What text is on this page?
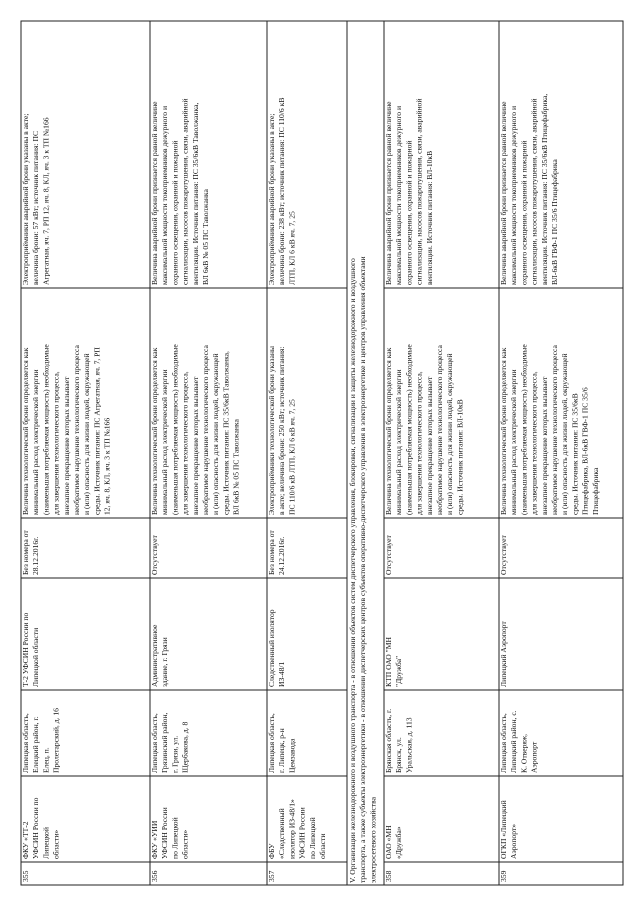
355
ФКУ «ТТ-2УФСИН России поЛипецкойобласти»
Липецкая область,Елецкий район, г.Елец, п.Пролетарский, д. 16
Т-2 УФСИН России поЛипецкой области
Без номера от28.12.2016г.
Величина технологической брони определяется какминимальный расход электрической энергии(наименьшая потребляемая мощность) необходимыедля завершения технологического процесса,внезапное прекращение которых вызываетнеобратимое нарушение технологического процессаи (или) опасность для жизни людей, окружающейсреды. Источник питания: ПС Агрегатная, яч. 7, РП12, яч. 8, КЛ, яч. 3 к ТП №166
Электроприёмники аварийной брони указаны в акте;величина брони: 57 кВт; источник питания: ПСАгрегатная, яч. 7, РП 12, яч. 8, КЛ, яч. 3 к ТП №166
356
ФКУ «УИИУФСИН Россиипо Липецкойобласти»
Липецкая область,Грязинский район,г. Грязи, ул.Щербакова, д. 8
Административноездание, г. Грязи
Отсутствует
Величина технологической брони определяется какминимальный расход электрической энергии(наименьшая потребляемая мощность) необходимыедля завершения технологического процесса,внезапное прекращение которых вызываетнеобратимое нарушение технологического процессаи (или) опасность для жизни людей, окружающейсреды. Источник питания: ПС 35/6кВ Таволжанка,ВЛ 6кВ № 05 ПС Таволжанка
Величина аварийной брони признается равной величинемаксимальной мощности токоприемников дежурного иохранного освещения, охранной и пожарнойсигнализации, насосов пожаротушения, связи, аварийнойвентиляции. Источник питания: ПС 35/6кВ Таволжанка,ВЛ 6кВ № 05 ПС Таволжанка
357
ФБУ«Следственныйизолятор ИЗ-48/1»УФСИН Россиипо Липецкойобласти
Липецкая область,г. Липецк, р-нЦемзавода
Следственный изоляторИЗ-48/1
Без номера от24.12.2016г.
Электроприёмники технологической брони указаныв акте; величина брони: 250 кВт; источник питания:ПС 110/6 кВ ЛТП, КЛ 6 кВ яч. 7, 25
Электроприёмники аварийной брони указаны в акте;величина брони: 238 кВт; источник питания: ПС 110/6 кВЛТП, КЛ 6 кВ яч. 7, 25
V. Организации железнодорожного и воздушного транспорта - в отношении объектов систем диспетчерского управления, блокировки, сигнализации и защиты железнодорожного и воздушноготранспорта, а также субъекты электроэнергетики - в отношении диспетчерских центров субъектов оперативно-диспетчерского управления в электроэнергетике и центров управления объектамиэлектросетевого хозяйства 358
ОАО «МН«Дружба»
Брянская область, г.Брянск, ул.Уральская, д. 113
КТП ОАО "МН"Дружба"
Отсутствует
Величина технологической брони определяется какминимальный расход электрической энергии(наименьшая потребляемая мощность) необходимыедля завершения технологического процесса,внезапное прекращение которых вызываетнеобратимое нарушение технологического процессаи (или) опасность для жизни людей, окружающейсреды. Источник питания: ВЛ-10кВ
Величина аварийной брони признается равной величинемаксимальной мощности токоприемников дежурного иохранного освещения, охранной и пожарнойсигнализации, насосов пожаротушения, связи, аварийнойвентиляции. Источник питания: ВЛ-10кВ
359
ОГКП «ЛипецкийАэропорт»
Липецкая область,Липецкий район, с.К. Отверяж,Аэропорт
Липецкий Аэропорт
Отсутствует
Величина технологической брони определяется какминимальный расход электрической энергии(наименьшая потребляемая мощность) необходимыедля завершения технологического процесса,внезапное прекращение которых вызываетнеобратимое нарушение технологического процессаи (или) опасность для жизни людей, окружающейсреды. Источник питания: ПС 35/6кВПтицефабрика, ВЛ-6кВ ГВФ-1 ПС 35/6Птицефабрика
Величина аварийной брони признается равной величинемаксимальной мощности токоприемников дежурного иохранного освещения, охранной и пожарнойсигнализации, насосов пожаротушения, связи, аварийнойвентиляции. Источник питания: ПС 35/6кВ Птицефабрика,ВЛ-6кВ ГВФ-1 ПС 35/6 Птицефабрика
